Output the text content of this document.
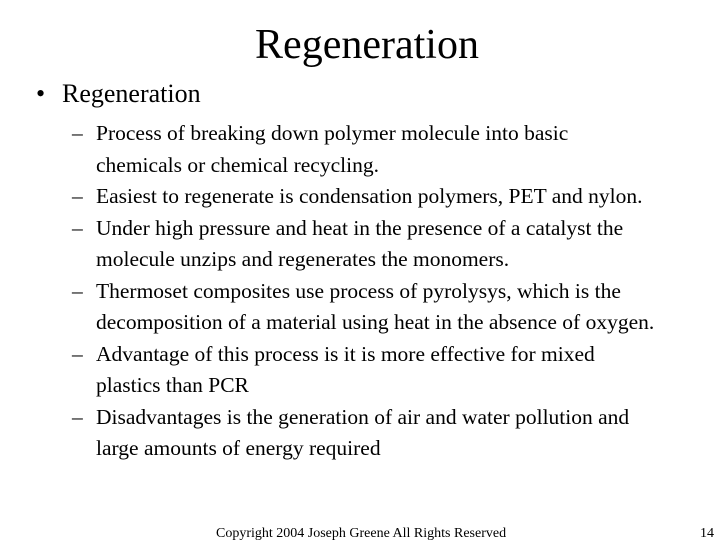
Regeneration
• Regeneration
– Process of breaking down polymer molecule into basic
chemicals or chemical recycling.
– Easiest to regenerate is condensation polymers, PET and nylon.
– Under high pressure and heat in the presence of a catalyst the
molecule unzips and regenerates the monomers.
– Thermoset composites use process of pyrolysys, which is the
decomposition of a material using heat in the absence of oxygen.
– Advantage of this process is it is more effective for mixed
plastics than PCR
– Disadvantages is the generation of air and water pollution and
large amounts of energy required
Copyright 2004 Joseph Greene All Rights Reserved	14
